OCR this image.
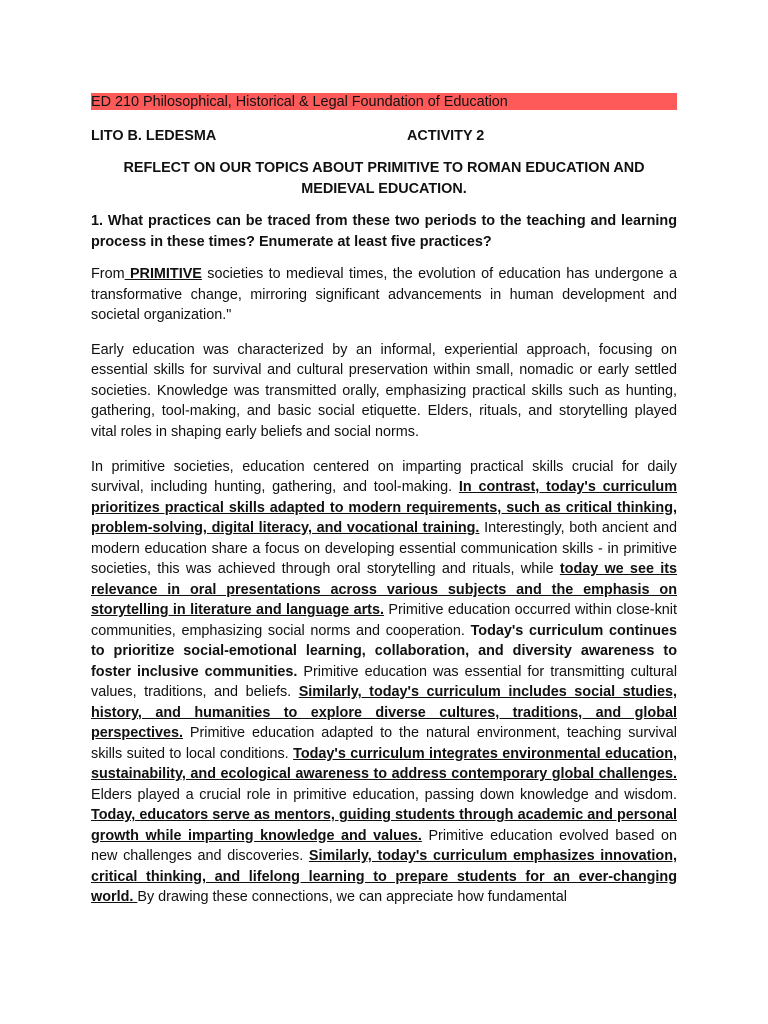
ED 210 Philosophical, Historical & Legal Foundation of Education
LITO B. LEDESMA	ACTIVITY 2
REFLECT ON OUR TOPICS ABOUT PRIMITIVE TO ROMAN EDUCATION AND MEDIEVAL EDUCATION.
1. What practices can be traced from these two periods to the teaching and learning process in these times? Enumerate at least five practices?

From PRIMITIVE societies to medieval times, the evolution of education has undergone a transformative change, mirroring significant advancements in human development and societal organization."

Early education was characterized by an informal, experiential approach, focusing on essential skills for survival and cultural preservation within small, nomadic or early settled societies. Knowledge was transmitted orally, emphasizing practical skills such as hunting, gathering, tool-making, and basic social etiquette. Elders, rituals, and storytelling played vital roles in shaping early beliefs and social norms.

In primitive societies, education centered on imparting practical skills crucial for daily survival, including hunting, gathering, and tool-making. In contrast, today's curriculum prioritizes practical skills adapted to modern requirements, such as critical thinking, problem-solving, digital literacy, and vocational training. Interestingly, both ancient and modern education share a focus on developing essential communication skills - in primitive societies, this was achieved through oral storytelling and rituals, while today we see its relevance in oral presentations across various subjects and the emphasis on storytelling in literature and language arts. Primitive education occurred within close-knit communities, emphasizing social norms and cooperation. Today's curriculum continues to prioritize social-emotional learning, collaboration, and diversity awareness to foster inclusive communities. Primitive education was essential for transmitting cultural values, traditions, and beliefs. Similarly, today's curriculum includes social studies, history, and humanities to explore diverse cultures, traditions, and global perspectives. Primitive education adapted to the natural environment, teaching survival skills suited to local conditions. Today's curriculum integrates environmental education, sustainability, and ecological awareness to address contemporary global challenges. Elders played a crucial role in primitive education, passing down knowledge and wisdom. Today, educators serve as mentors, guiding students through academic and personal growth while imparting knowledge and values. Primitive education evolved based on new challenges and discoveries. Similarly, today's curriculum emphasizes innovation, critical thinking, and lifelong learning to prepare students for an ever-changing world. By drawing these connections, we can appreciate how fundamental
